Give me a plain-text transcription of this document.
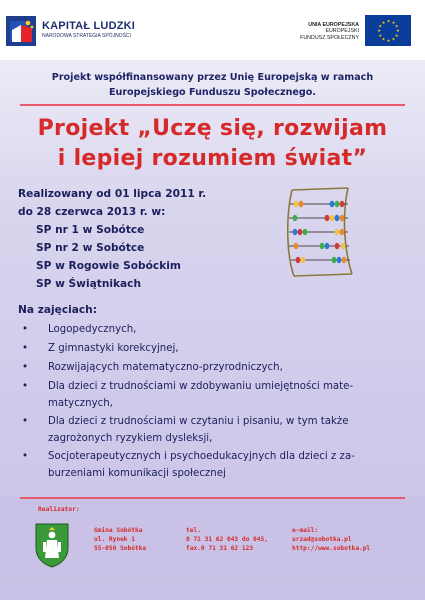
KAPITAŁ LUDZKI
NARODOWA STRATEGIA SPÓJNOŚCI
UNIA EUROPEJSKA
EUROPEJSKI
FUNDUSZ SPOŁECZNY
★ ★
★
★
★
★
★
★
★
★
★
★
Projekt współfinansowany przez Unię Europejską w ramach
Europejskiego Funduszu Społecznego.
Projekt „Uczę się, rozwijam
i lepiej rozumiem świat”
Realizowany od 01 lipca 2011 r.
do 28 czerwca 2013 r. w:
SP nr 1 w Sobótce
SP nr 2 w Sobótce
SP w Rogowie Sobóckim
SP w Świątnikach
Na zajęciach:
• Logopedycznych,
• Z gimnastyki korekcyjnej,
• Rozwijających matematyczno-przyrodniczych,
• Dla dzieci z trudnościami w zdobywaniu umiejętności mate-
matycznych,
• Dla dzieci z trudnościami w czytaniu i pisaniu, w tym także
zagrożonych ryzykiem dysleksji,
• Socjoterapeutycznych i psychoedukacyjnych dla dzieci z za-
burzeniami komunikacji społecznej
Realizator:
Gmina Sobótka
ul. Rynek 1
55-050 Sobótka
tel.
0 71 31 62 043 do 045,
fax.0 71 31 62 123
e-mail:
urzad@sobotka.pl
http://www.sobotka.pl
